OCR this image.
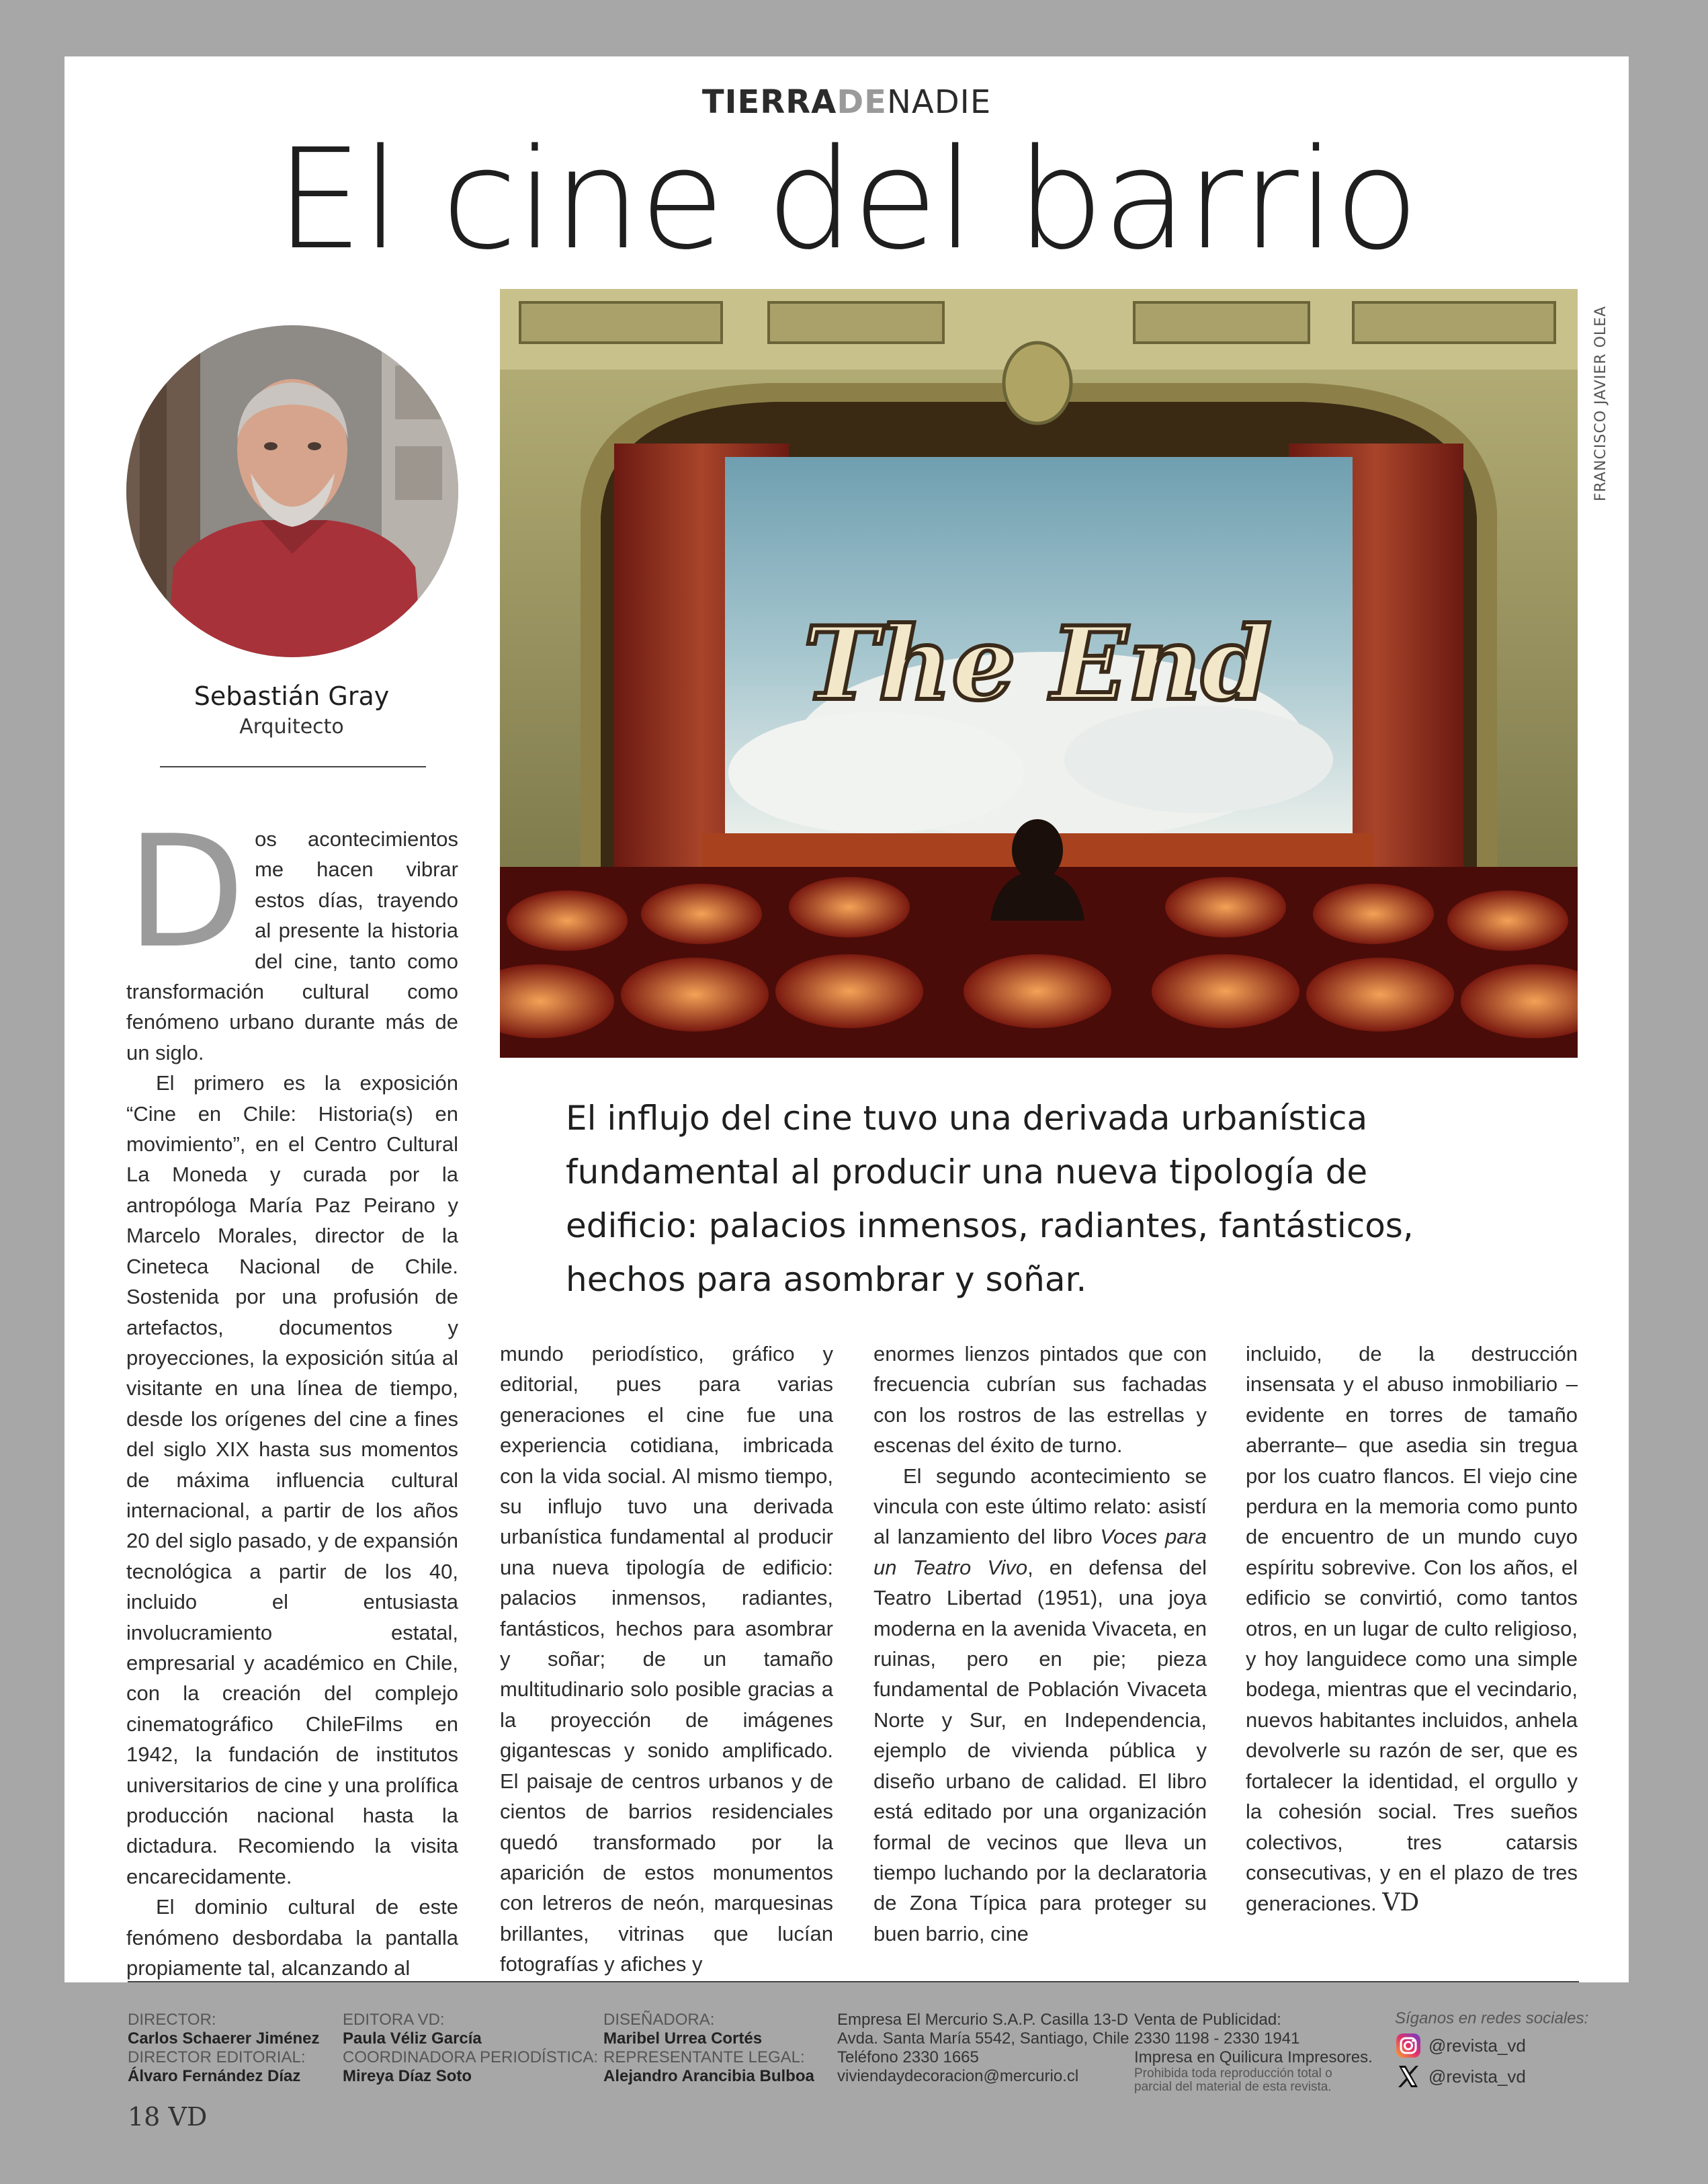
TIERRADENADIE
El cine del barrio
Sebastián Gray
Arquitecto
The End
FRANCISCO JAVIER OLEA
El influjo del cine tuvo una derivada urbanística fundamental al producir una nueva tipología de edificio: palacios inmensos, radiantes, fantásticos, hechos para asombrar y soñar.

Dos acontecimientos me hacen vibrar estos días, trayendo al presente la historia del cine, tanto como transformación cultural como fenómeno urbano durante más de un siglo.

El primero es la exposición “Cine en Chile: Historia(s) en movimiento”, en el Centro Cultural La Moneda y curada por la antropóloga María Paz Peirano y Marcelo Morales, director de la Cineteca Nacional de Chile. Sostenida por una profusión de artefactos, documentos y proyecciones, la exposición sitúa al visitante en una línea de tiempo, desde los orígenes del cine a fines del siglo XIX hasta sus momentos de máxima influencia cultural internacional, a partir de los años 20 del siglo pasado, y de expansión tecnológica a partir de los 40, incluido el entusiasta involucramiento estatal, empresarial y académico en Chile, con la creación del complejo cinematográfico ChileFilms en 1942, la fundación de institutos universitarios de cine y una prolífica producción nacional hasta la dictadura. Recomiendo la visita encarecidamente.

El dominio cultural de este fenómeno desbordaba la pantalla propiamente tal, alcanzando al

mundo periodístico, gráfico y editorial, pues para varias generaciones el cine fue una experiencia cotidiana, imbricada con la vida social. Al mismo tiempo, su influjo tuvo una derivada urbanística fundamental al producir una nueva tipología de edificio: palacios inmensos, radiantes, fantásticos, hechos para asombrar y soñar; de un tamaño multitudinario solo posible gracias a la proyección de imágenes gigantescas y sonido amplificado. El paisaje de centros urbanos y de cientos de barrios residenciales quedó transformado por la aparición de estos monumentos con letreros de neón, marquesinas brillantes, vitrinas que lucían fotografías y afiches y

enormes lienzos pintados que con frecuencia cubrían sus fachadas con los rostros de las estrellas y escenas del éxito de turno.

El segundo acontecimiento se vincula con este último relato: asistí al lanzamiento del libro Voces para un Teatro Vivo, en defensa del Teatro Libertad (1951), una joya moderna en la avenida Vivaceta, en ruinas, pero en pie; pieza fundamental de Población Vivaceta Norte y Sur, en Independencia, ejemplo de vivienda pública y diseño urbano de calidad. El libro está editado por una organización formal de vecinos que lleva un tiempo luchando por la declaratoria de Zona Típica para proteger su buen barrio, cine

incluido, de la destrucción insensata y el abuso inmobiliario –evidente en torres de tamaño aberrante– que asedia sin tregua por los cuatro flancos. El viejo cine perdura en la memoria como punto de encuentro de un mundo cuyo espíritu sobrevive. Con los años, el edificio se convirtió, como tantos otros, en un lugar de culto religioso, y hoy languidece como una simple bodega, mientras que el vecindario, nuevos habitantes incluidos, anhela devolverle su razón de ser, que es fortalecer la identidad, el orgullo y la cohesión social. Tres sueños colectivos, tres catarsis consecutivas, y en el plazo de tres generaciones. VD

DIRECTOR:
Carlos Schaerer Jiménez
DIRECTOR EDITORIAL:
Álvaro Fernández Díaz
EDITORA VD:
Paula Véliz García
COORDINADORA PERIODÍSTICA:
Mireya Díaz Soto
DISEÑADORA:
Maribel Urrea Cortés
REPRESENTANTE LEGAL:
Alejandro Arancibia Bulboa
Empresa El Mercurio S.A.P. Casilla 13-D
Avda. Santa María 5542, Santiago, Chile
Teléfono 2330 1665
viviendaydecoracion@mercurio.cl
Venta de Publicidad:
2330 1198 - 2330 1941
Impresa en Quilicura Impresores.
Prohibida toda reproducción total o
parcial del material de esta revista.
Síganos en redes sociales:
@revista_vd
@revista_vd
18 VD
